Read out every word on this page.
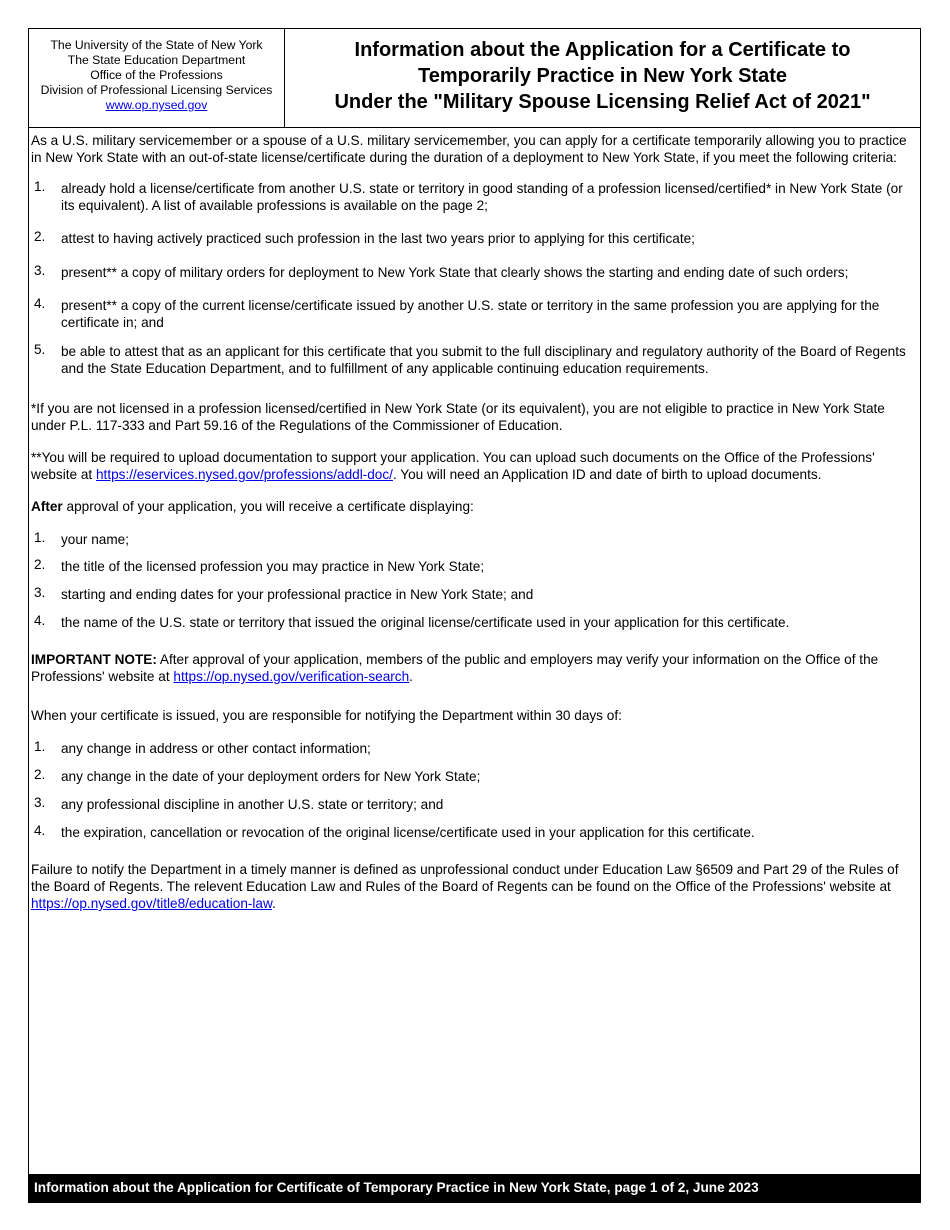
The University of the State of New York
The State Education Department
Office of the Professions
Division of Professional Licensing Services
www.op.nysed.gov
Information about the Application for a Certificate to
Temporarily Practice in New York State
Under the "Military Spouse Licensing Relief Act of 2021"

As a U.S. military servicemember or a spouse of a U.S. military servicemember, you can apply for a certificate temporarily allowing you to practice in New York State with an out-of-state license/certificate during the duration of a deployment to New York State, if you meet the following criteria:

1. already hold a license/certificate from another U.S. state or territory in good standing of a profession licensed/certified* in New York State (or its equivalent). A list of available professions is available on the page 2;
2. attest to having actively practiced such profession in the last two years prior to applying for this certificate;
3. present** a copy of military orders for deployment to New York State that clearly shows the starting and ending date of such orders;
4. present** a copy of the current license/certificate issued by another U.S. state or territory in the same profession you are applying for the certificate in; and
5. be able to attest that as an applicant for this certificate that you submit to the full disciplinary and regulatory authority of the Board of Regents and the State Education Department, and to fulfillment of any applicable continuing education requirements.

*If you are not licensed in a profession licensed/certified in New York State (or its equivalent), you are not eligible to practice in New York State under P.L. 117-333 and Part 59.16 of the Regulations of the Commissioner of Education.

**You will be required to upload documentation to support your application. You can upload such documents on the Office of the Professions' website at https://eservices.nysed.gov/professions/addl-doc/. You will need an Application ID and date of birth to upload documents.

After approval of your application, you will receive a certificate displaying:

1. your name;
2. the title of the licensed profession you may practice in New York State;
3. starting and ending dates for your professional practice in New York State; and
4. the name of the U.S. state or territory that issued the original license/certificate used in your application for this certificate.

IMPORTANT NOTE: After approval of your application, members of the public and employers may verify your information on the Office of the Professions' website at https://op.nysed.gov/verification-search.

When your certificate is issued, you are responsible for notifying the Department within 30 days of:

1. any change in address or other contact information;
2. any change in the date of your deployment orders for New York State;
3. any professional discipline in another U.S. state or territory; and
4. the expiration, cancellation or revocation of the original license/certificate used in your application for this certificate.

Failure to notify the Department in a timely manner is defined as unprofessional conduct under Education Law §6509 and Part 29 of the Rules of the Board of Regents. The relevent Education Law and Rules of the Board of Regents can be found on the Office of the Professions' website at https://op.nysed.gov/title8/education-law.

Information about the Application for Certificate of Temporary Practice in New York State, page 1 of 2, June 2023
